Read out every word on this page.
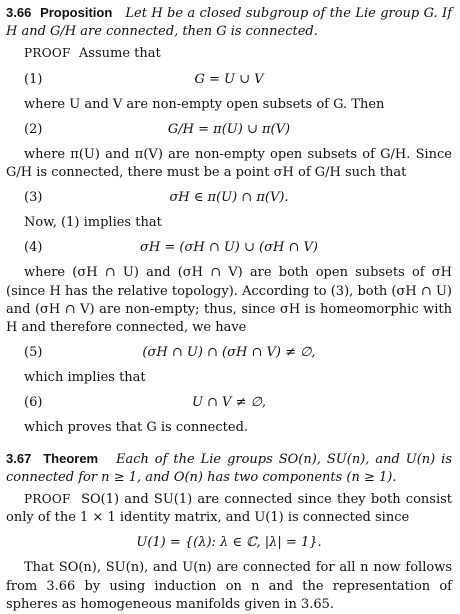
3.66 Proposition Let H be a closed subgroup of the Lie group G. If H and G/H are connected, then G is connected.

PROOF Assume that

(1)	G = U ∪ V

where U and V are non-empty open subsets of G. Then

(2)	G/H = π(U) ∪ π(V)

where π(U) and π(V) are non-empty open subsets of G/H. Since G/H is connected, there must be a point σH of G/H such that

(3)	σH ∈ π(U) ∩ π(V).

Now, (1) implies that

(4)	σH = (σH ∩ U) ∪ (σH ∩ V)

where (σH ∩ U) and (σH ∩ V) are both open subsets of σH (since H has the relative topology). According to (3), both (σH ∩ U) and (σH ∩ V) are non-empty; thus, since σH is homeomorphic with H and therefore connected, we have

(5)	(σH ∩ U) ∩ (σH ∩ V) ≠ ∅,

which implies that

(6)	U ∩ V ≠ ∅,

which proves that G is connected.

3.67 Theorem Each of the Lie groups SO(n), SU(n), and U(n) is connected for n ≥ 1, and O(n) has two components (n ≥ 1).

PROOF SO(1) and SU(1) are connected since they both consist only of the 1 × 1 identity matrix, and U(1) is connected since

U(1) = {(λ): λ ∈ ℂ, |λ| = 1}.

That SO(n), SU(n), and U(n) are connected for all n now follows from 3.66 by using induction on n and the representation of spheres as homogeneous manifolds given in 3.65.
